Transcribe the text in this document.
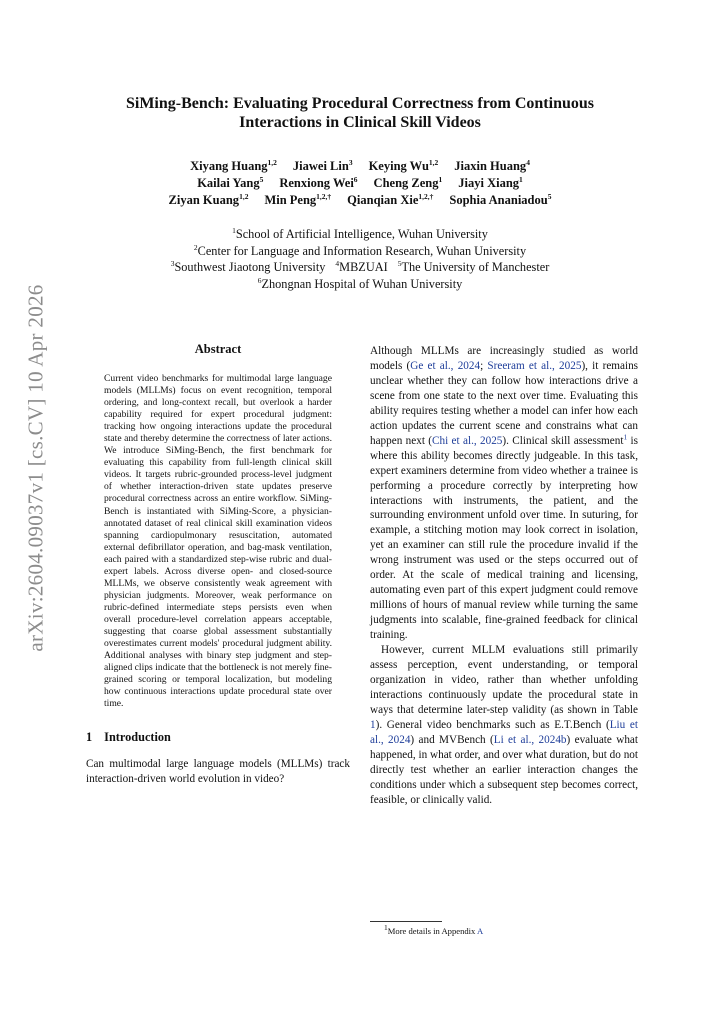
arXiv:2604.09037v1 [cs.CV] 10 Apr 2026
SiMing-Bench: Evaluating Procedural Correctness from Continuous
Interactions in Clinical Skill Videos
Xiyang Huang$^{1,2}$ Jiawei Lin$^3$ Keying Wu$^{1,2}$ Jiaxin Huang$^4$
Kailai Yang$^5$ Renxiong Wei$^6$ Cheng Zeng$^1$ Jiayi Xiang$^1$
Ziyan Kuang$^{1,2}$ Min Peng$^{1,2,\dagger}$ Qianqian Xie$^{1,2,\dagger}$ Sophia Ananiadou$^5$
$^1$School of Artificial Intelligence, Wuhan University
$^2$Center for Language and Information Research, Wuhan University
$^3$Southwest Jiaotong University $^4$MBZUAI $^5$The University of Manchester
$^6$Zhongnan Hospital of Wuhan University
Abstract
Current video benchmarks for multimodal large language models (MLLMs) focus on event recognition, temporal ordering, and long-context recall, but overlook a harder capability required for expert procedural judgment: tracking how ongoing interactions update the procedural state and thereby determine the correctness of later actions. We introduce SiMing-Bench, the first benchmark for evaluating this capability from full-length clinical skill videos. It targets rubric-grounded process-level judgment of whether interaction-driven state updates preserve procedural correctness across an entire workflow. SiMing-Bench is instantiated with SiMing-Score, a physician-annotated dataset of real clinical skill examination videos spanning cardiopulmonary resuscitation, automated external defibrillator operation, and bag-mask ventilation, each paired with a standardized step-wise rubric and dual-expert labels. Across diverse open- and closed-source MLLMs, we observe consistently weak agreement with physician judgments. Moreover, weak performance on rubric-defined intermediate steps persists even when overall procedure-level correlation appears acceptable, suggesting that coarse global assessment substantially overestimates current models' procedural judgment ability. Additional analyses with binary step judgment and step-aligned clips indicate that the bottleneck is not merely fine-grained scoring or temporal localization, but modeling how continuous interactions update procedural state over time.
1 Introduction

Can multimodal large language models (MLLMs) track interaction-driven world evolution in video?

Although MLLMs are increasingly studied as world models (Ge et al., 2024; Sreeram et al., 2025), it remains unclear whether they can follow how interactions drive a scene from one state to the next over time. Evaluating this ability requires testing whether a model can infer how each action updates the current scene and constrains what can happen next (Chi et al., 2025). Clinical skill assessment$^1$ is where this ability becomes directly judgeable. In this task, expert examiners determine from video whether a trainee is performing a procedure correctly by interpreting how interactions with instruments, the patient, and the surrounding environment unfold over time. In suturing, for example, a stitching motion may look correct in isolation, yet an examiner can still rule the procedure invalid if the wrong instrument was used or the steps occurred out of order. At the scale of medical training and licensing, automating even part of this expert judgment could remove millions of hours of manual review while turning the same judgments into scalable, fine-grained feedback for clinical training.

However, current MLLM evaluations still primarily assess perception, event understanding, or temporal organization in video, rather than whether unfolding interactions continuously update the procedural state in ways that determine later-step validity (as shown in Table 1). General video benchmarks such as E.T.Bench (Liu et al., 2024) and MVBench (Li et al., 2024b) evaluate what happened, in what order, and over what duration, but do not directly test whether an earlier interaction changes the conditions under which a subsequent step becomes correct, feasible, or clinically valid.

$^1$More details in Appendix A
